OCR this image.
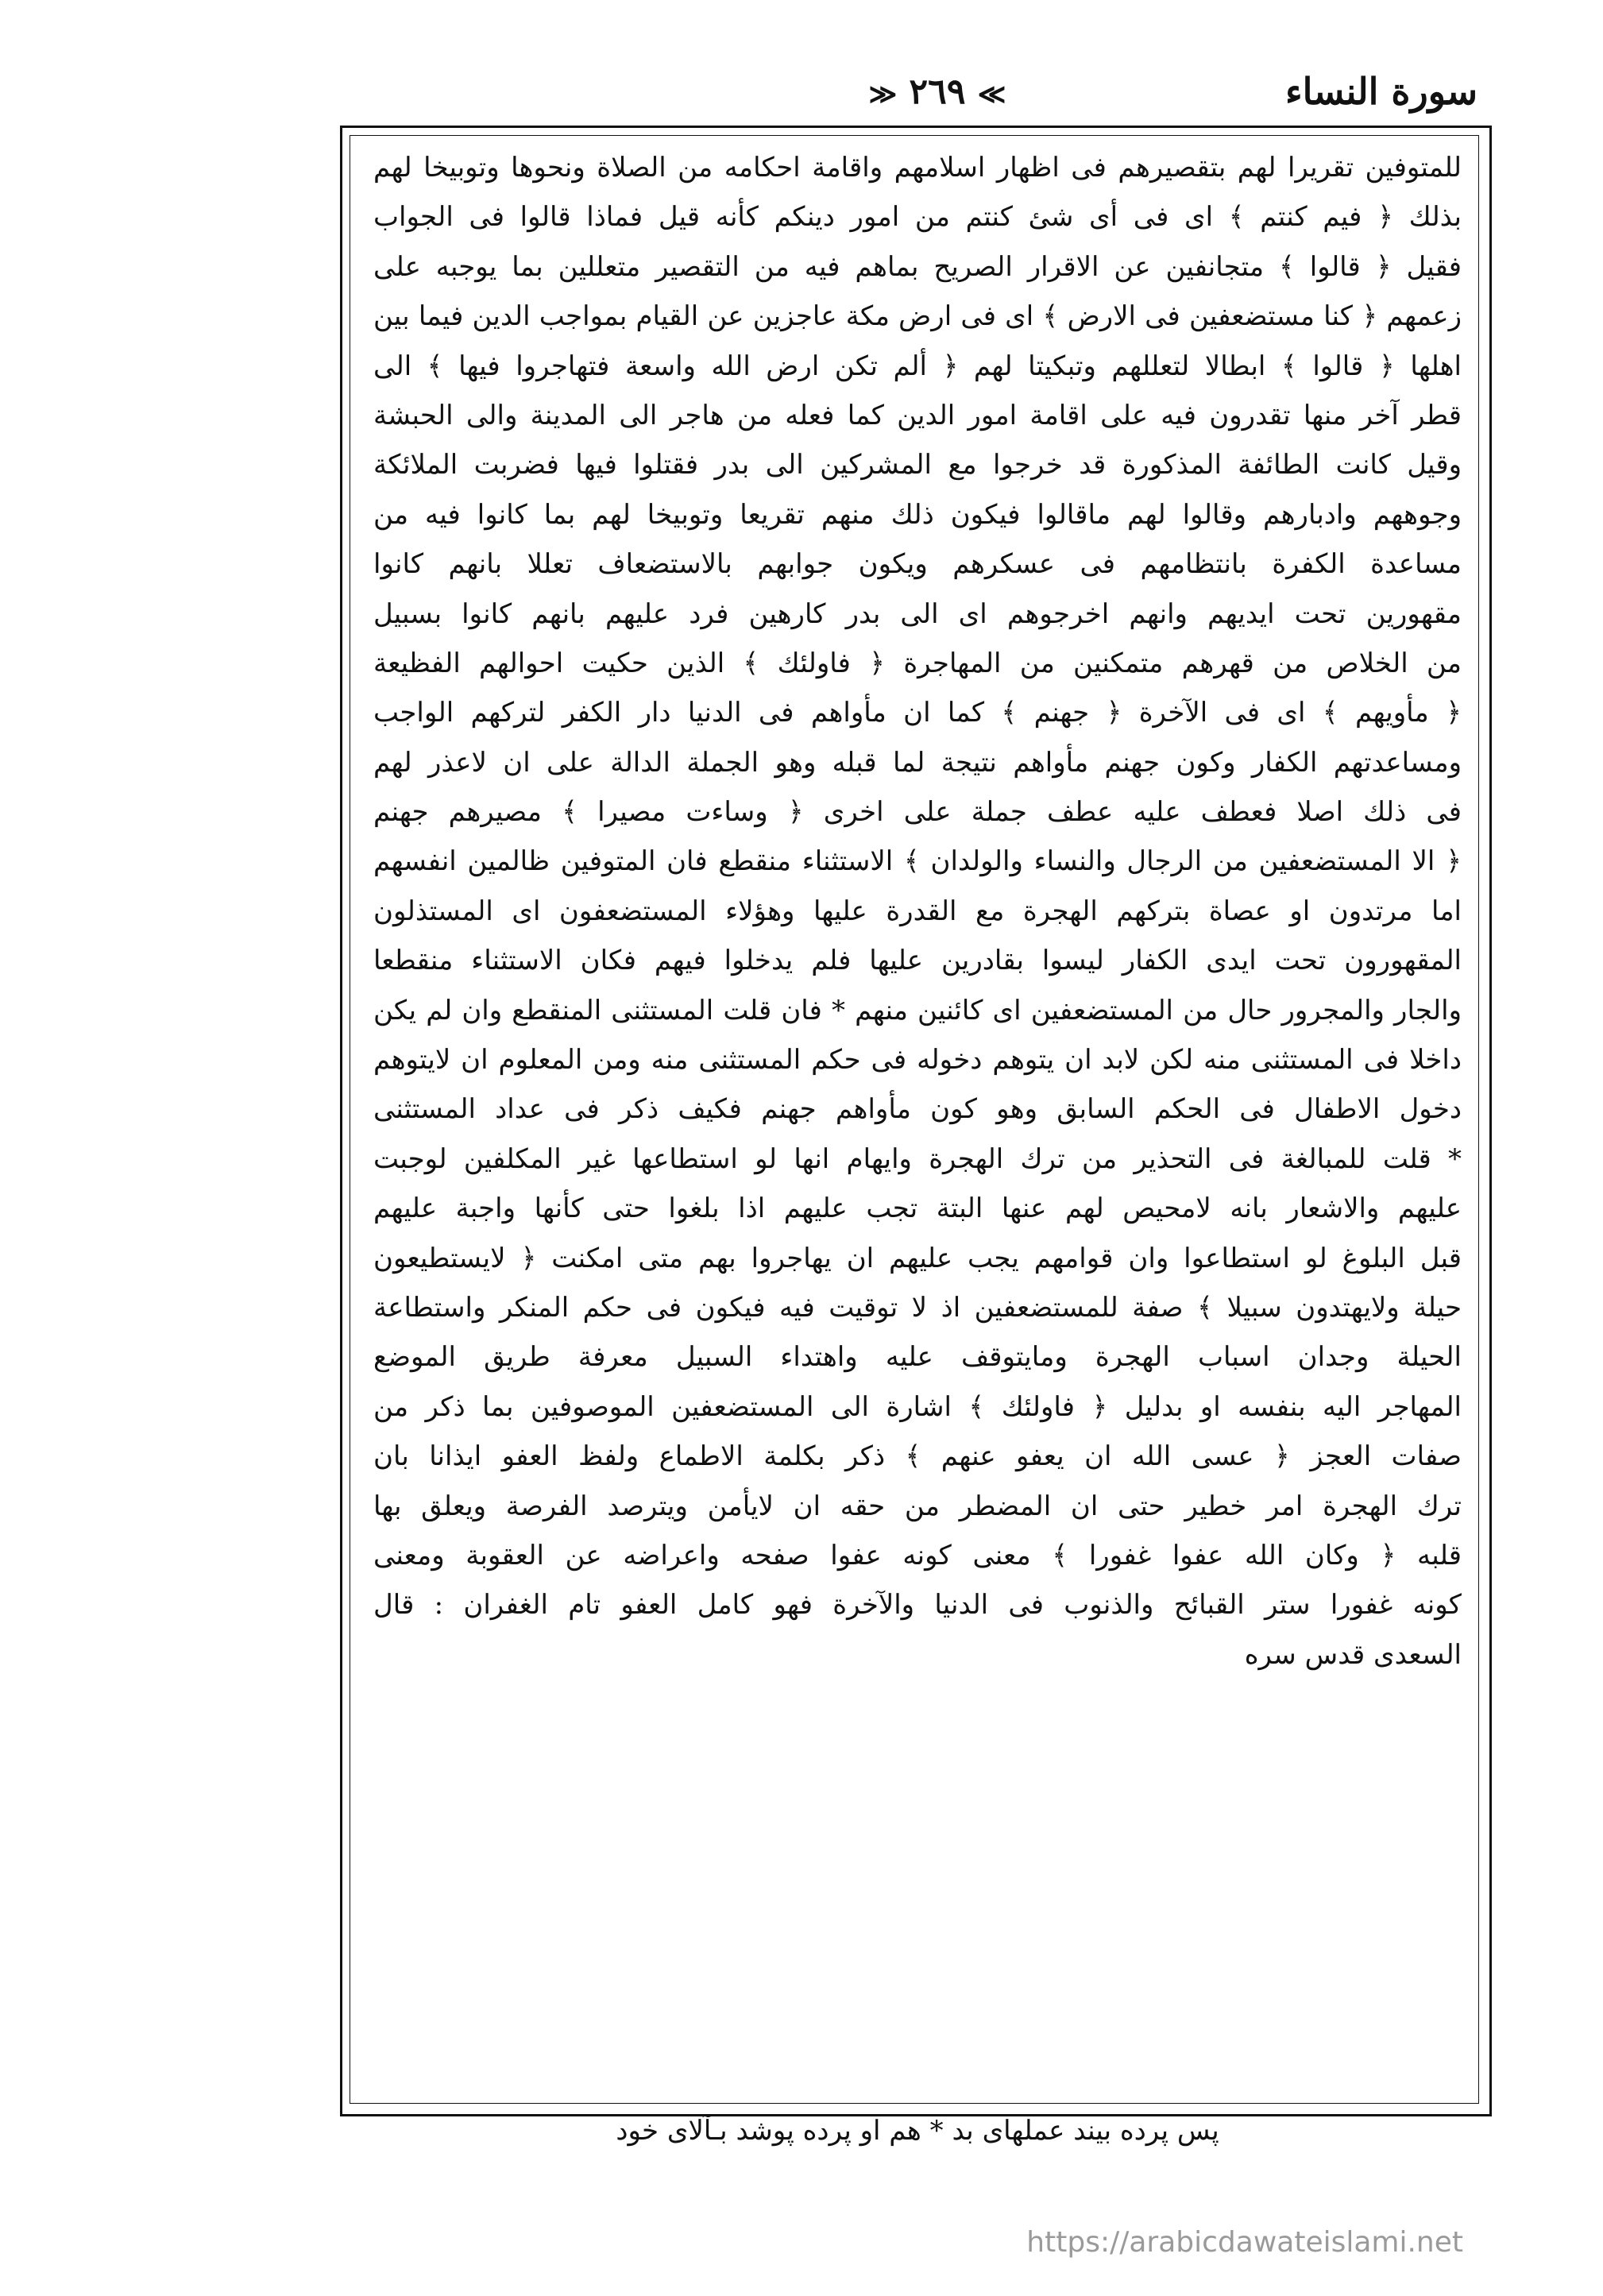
سورة النساء
≫ ٢٦٩ ≪
للمتوفين تقريرا لهم بتقصيرهم فى اظهار اسلامهم واقامة احكامه من الصلاة ونحوها وتوبيخا لهم
بذلك ﴿ فيم كنتم ﴾ اى فى أى شئ كنتم من امور دينكم كأنه قيل فماذا قالوا فى الجواب
فقيل ﴿ قالوا ﴾ متجانفين عن الاقرار الصريح بماهم فيه من التقصير متعللين بما يوجبه على
زعمهم ﴿ كنا مستضعفين فى الارض ﴾ اى فى ارض مكة عاجزين عن القيام بمواجب الدين فيما بين
اهلها ﴿ قالوا ﴾ ابطالا لتعللهم وتبكيتا لهم ﴿ ألم تكن ارض الله واسعة فتهاجروا فيها ﴾ الى
قطر آخر منها تقدرون فيه على اقامة امور الدين كما فعله من هاجر الى المدينة والى الحبشة
وقيل كانت الطائفة المذكورة قد خرجوا مع المشركين الى بدر فقتلوا فيها فضربت الملائكة
وجوههم وادبارهم وقالوا لهم ماقالوا فيكون ذلك منهم تقريعا وتوبيخا لهم بما كانوا فيه من
مساعدة الكفرة بانتظامهم فى عسكرهم ويكون جوابهم بالاستضعاف تعللا بانهم كانوا
مقهورين تحت ايديهم وانهم اخرجوهم اى الى بدر كارهين فرد عليهم بانهم كانوا بسبيل
من الخلاص من قهرهم متمكنين من المهاجرة ﴿ فاولئك ﴾ الذين حكيت احوالهم الفظيعة
﴿ مأويهم ﴾ اى فى الآخرة ﴿ جهنم ﴾ كما ان مأواهم فى الدنيا دار الكفر لتركهم الواجب
ومساعدتهم الكفار وكون جهنم مأواهم نتيجة لما قبله وهو الجملة الدالة على ان لاعذر لهم
فى ذلك اصلا فعطف عليه عطف جملة على اخرى ﴿ وساءت مصيرا ﴾ مصيرهم جهنم
﴿ الا المستضعفين من الرجال والنساء والولدان ﴾ الاستثناء منقطع فان المتوفين ظالمين انفسهم
اما مرتدون او عصاة بتركهم الهجرة مع القدرة عليها وهؤلاء المستضعفون اى المستذلون
المقهورون تحت ايدى الكفار ليسوا بقادرين عليها فلم يدخلوا فيهم فكان الاستثناء منقطعا
والجار والمجرور حال من المستضعفين اى كائنين منهم * فان قلت المستثنى المنقطع وان لم يكن
داخلا فى المستثنى منه لكن لابد ان يتوهم دخوله فى حكم المستثنى منه ومن المعلوم ان لايتوهم
دخول الاطفال فى الحكم السابق وهو كون مأواهم جهنم فكيف ذكر فى عداد المستثنى
* قلت للمبالغة فى التحذير من ترك الهجرة وايهام انها لو استطاعها غير المكلفين لوجبت
عليهم والاشعار بانه لامحيص لهم عنها البتة تجب عليهم اذا بلغوا حتى كأنها واجبة عليهم
قبل البلوغ لو استطاعوا وان قوامهم يجب عليهم ان يهاجروا بهم متى امكنت ﴿ لايستطيعون
حيلة ولايهتدون سبيلا ﴾ صفة للمستضعفين اذ لا توقيت فيه فيكون فى حكم المنكر واستطاعة
الحيلة وجدان اسباب الهجرة ومايتوقف عليه واهتداء السبيل معرفة طريق الموضع
المهاجر اليه بنفسه او بدليل ﴿ فاولئك ﴾ اشارة الى المستضعفين الموصوفين بما ذكر من
صفات العجز ﴿ عسى الله ان يعفو عنهم ﴾ ذكر بكلمة الاطماع ولفظ العفو ايذانا بان
ترك الهجرة امر خطير حتى ان المضطر من حقه ان لايأمن ويترصد الفرصة ويعلق بها
قلبه ﴿ وكان الله عفوا غفورا ﴾ معنى كونه عفوا صفحه واعراضه عن العقوبة ومعنى
كونه غفورا ستر القبائح والذنوب فى الدنيا والآخرة فهو كامل العفو تام الغفران : قال
السعدى قدس سره
پس پرده بيند عملهاى بد * هم او پرده پوشد بـآلاى خود
https://arabicdawateislami.net
